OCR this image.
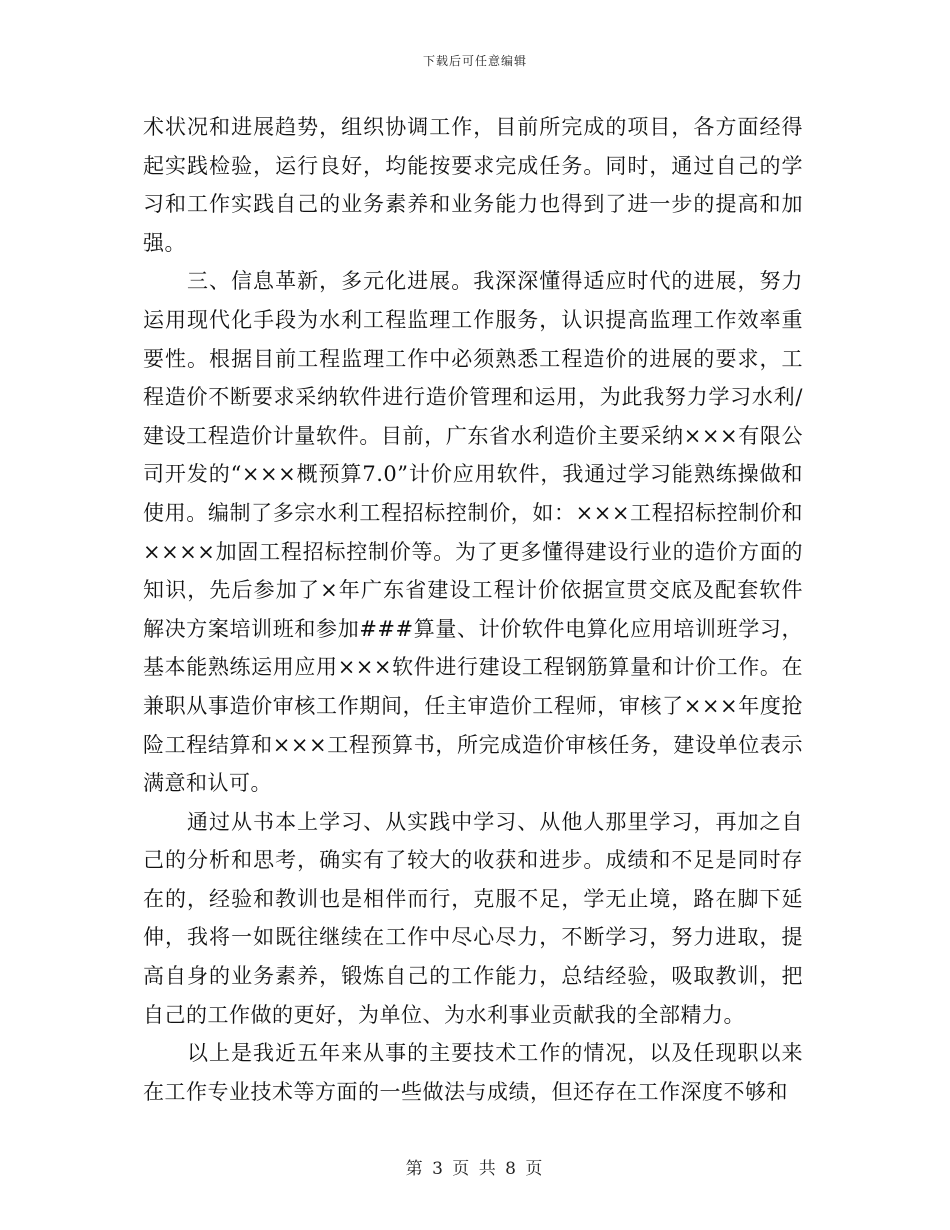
下载后可任意编辑

术状况和进展趋势，组织协调工作，目前所完成的项目，各方面经得起实践检验，运行良好，均能按要求完成任务。同时，通过自己的学习和工作实践自己的业务素养和业务能力也得到了进一步的提高和加强。

三、信息革新，多元化进展。我深深懂得适应时代的进展，努力运用现代化手段为水利工程监理工作服务，认识提高监理工作效率重要性。根据目前工程监理工作中必须熟悉工程造价的进展的要求，工程造价不断要求采纳软件进行造价管理和运用，为此我努力学习水利/建设工程造价计量软件。目前，广东省水利造价主要采纳×××有限公司开发的“×××概预算7.0”计价应用软件，我通过学习能熟练操做和使用。编制了多宗水利工程招标控制价，如：×××工程招标控制价和××××加固工程招标控制价等。为了更多懂得建设行业的造价方面的知识，先后参加了×年广东省建设工程计价依据宣贯交底及配套软件解决方案培训班和参加###算量、计价软件电算化应用培训班学习，基本能熟练运用应用×××软件进行建设工程钢筋算量和计价工作。在兼职从事造价审核工作期间，任主审造价工程师，审核了×××年度抢险工程结算和×××工程预算书，所完成造价审核任务，建设单位表示满意和认可。

通过从书本上学习、从实践中学习、从他人那里学习，再加之自己的分析和思考，确实有了较大的收获和进步。成绩和不足是同时存在的，经验和教训也是相伴而行，克服不足，学无止境，路在脚下延伸，我将一如既往继续在工作中尽心尽力，不断学习，努力进取，提高自身的业务素养，锻炼自己的工作能力，总结经验，吸取教训，把自己的工作做的更好，为单位、为水利事业贡献我的全部精力。

以上是我近五年来从事的主要技术工作的情况，以及任现职以来在工作专业技术等方面的一些做法与成绩，但还存在工作深度不够和

第 3 页 共 8 页
